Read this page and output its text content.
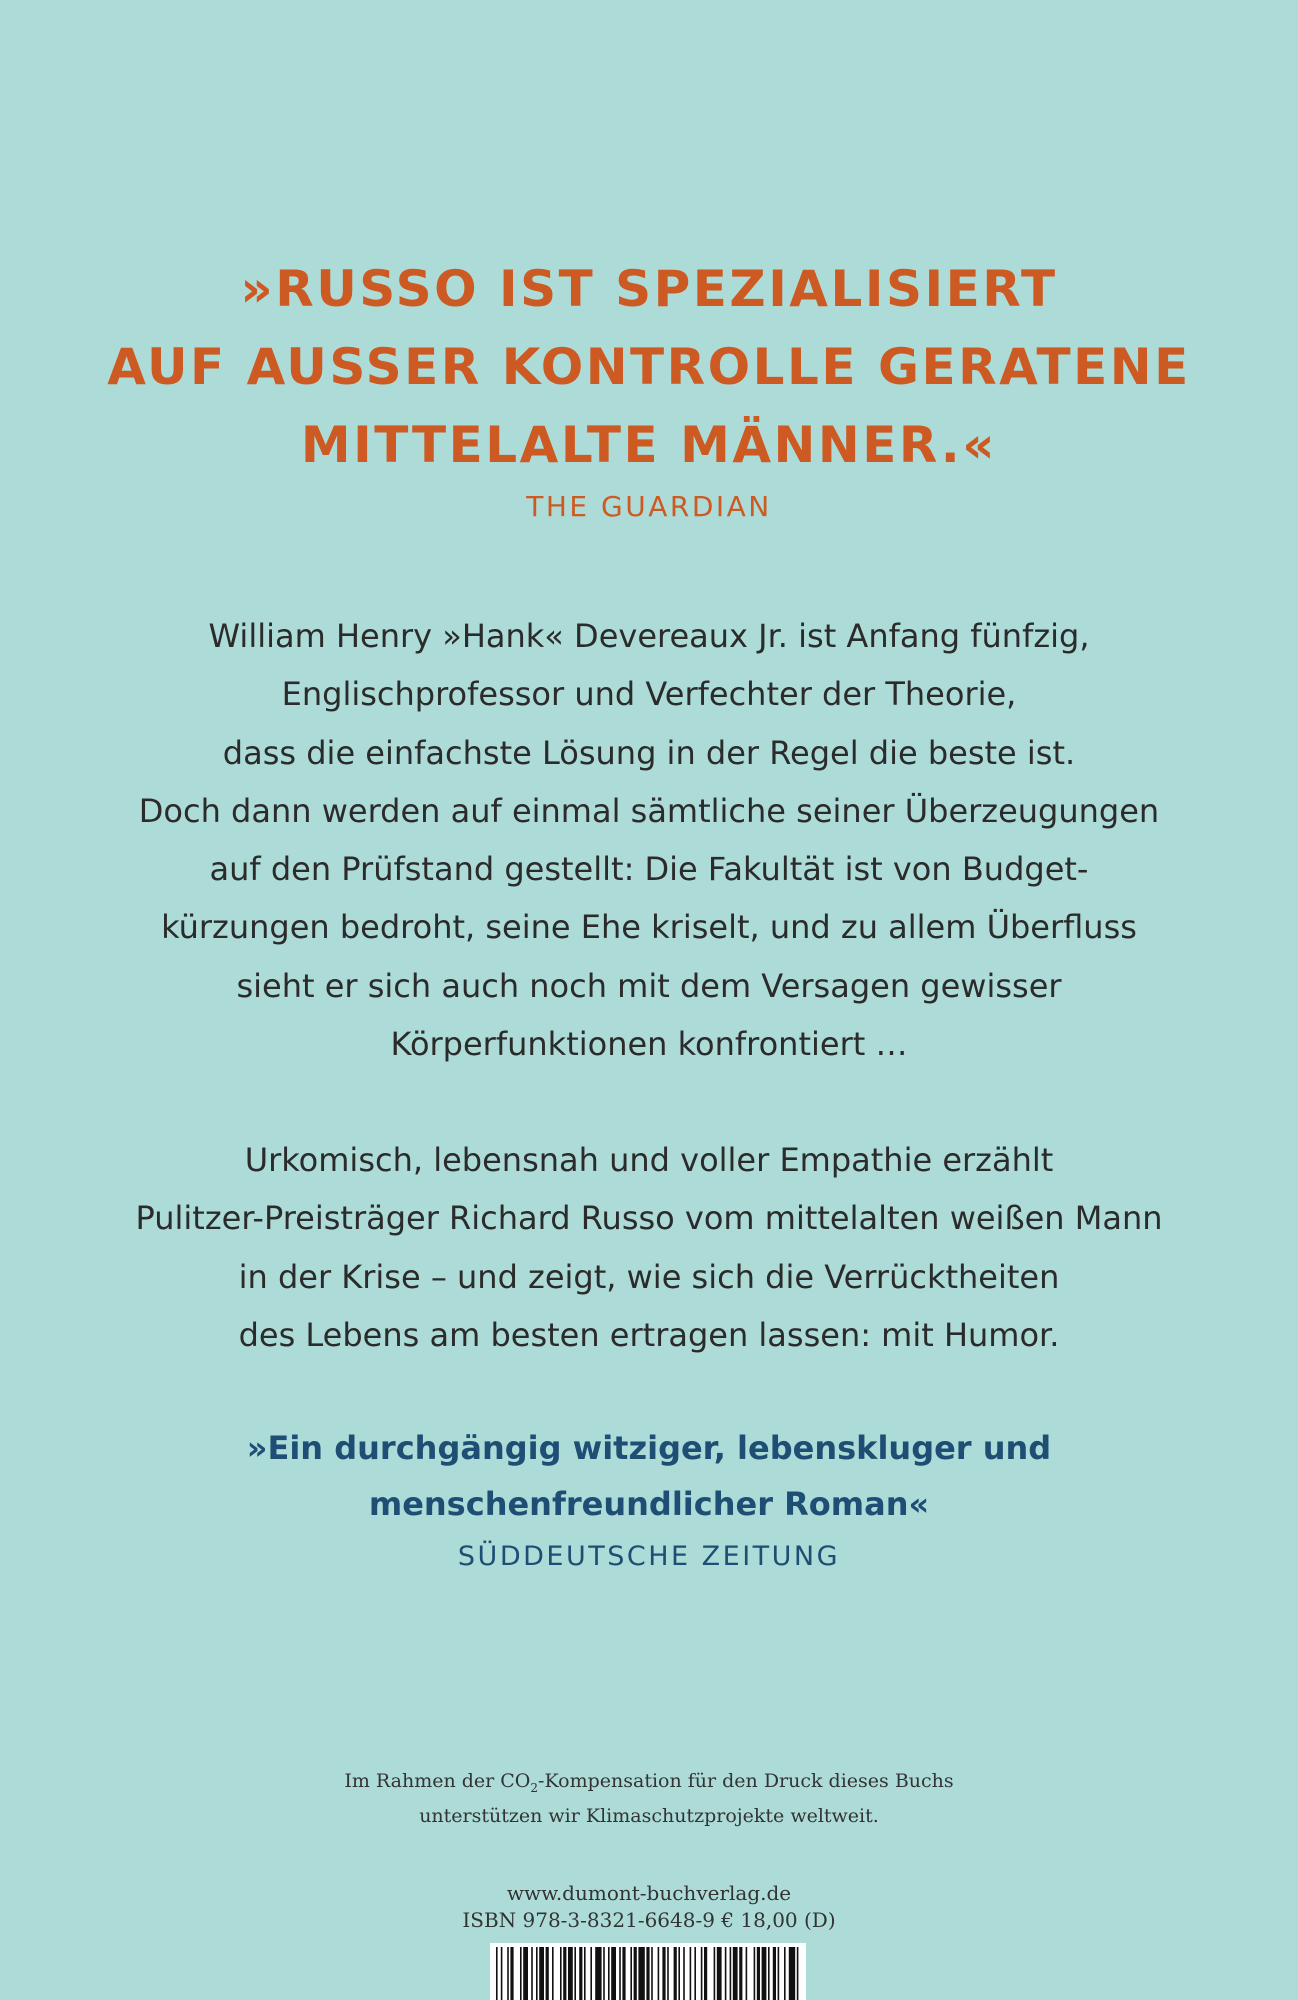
»RUSSO IST SPEZIALISIERT
AUF AUSSER KONTROLLE GERATENE
MITTELALTE MÄNNER.«
THE GUARDIAN
William Henry »Hank« Devereaux Jr. ist Anfang fünfzig,
Englischprofessor und Verfechter der Theorie,
dass die einfachste Lösung in der Regel die beste ist.
Doch dann werden auf einmal sämtliche seiner Überzeugungen
auf den Prüfstand gestellt: Die Fakultät ist von Budget-
kürzungen bedroht, seine Ehe kriselt, und zu allem Überfluss
sieht er sich auch noch mit dem Versagen gewisser
Körperfunktionen konfrontiert …
Urkomisch, lebensnah und voller Empathie erzählt
Pulitzer-Preisträger Richard Russo vom mittelalten weißen Mann
in der Krise – und zeigt, wie sich die Verrücktheiten
des Lebens am besten ertragen lassen: mit Humor.
»Ein durchgängig witziger, lebenskluger und
menschenfreundlicher Roman«
SÜDDEUTSCHE ZEITUNG
Im Rahmen der $CO_2$-Kompensation für den Druck dieses Buchs
unterstützen wir Klimaschutzprojekte weltweit.
www.dumont-buchverlag.de
ISBN 978-3-8321-6648-9 € 18,00 (D)
